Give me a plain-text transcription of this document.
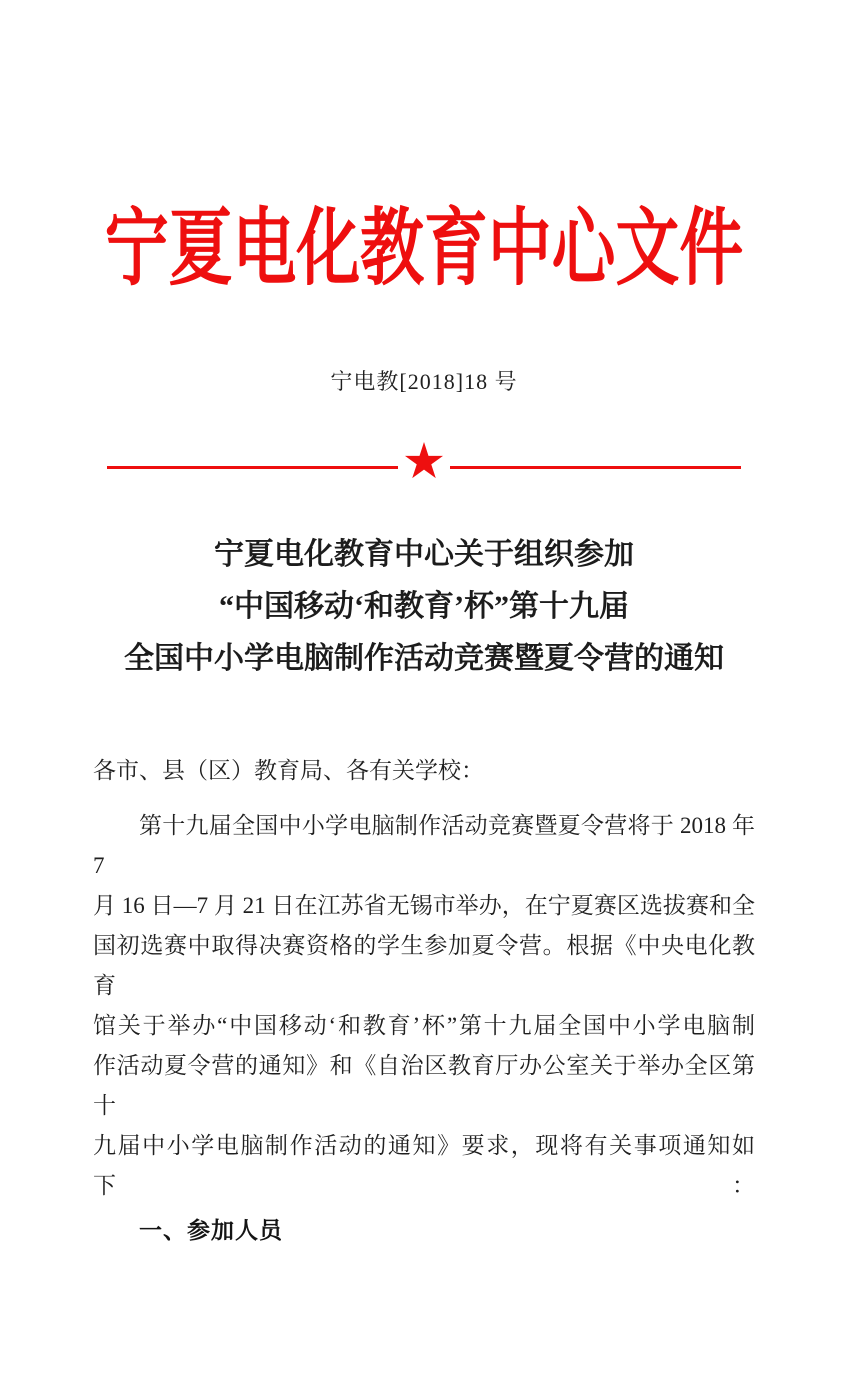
宁夏电化教育中心文件
宁电教[2018]18 号
宁夏电化教育中心关于组织参加
“中国移动‘和教育’杯”第十九届
全国中小学电脑制作活动竞赛暨夏令营的通知
各市、县（区）教育局、各有关学校：
第十九届全国中小学电脑制作活动竞赛暨夏令营将于 2018 年 7
月 16 日—7 月 21 日在江苏省无锡市举办，在宁夏赛区选拔赛和全
国初选赛中取得决赛资格的学生参加夏令营。根据《中央电化教育
馆关于举办“中国移动‘和教育’杯”第十九届全国中小学电脑制
作活动夏令营的通知》和《自治区教育厅办公室关于举办全区第十
九届中小学电脑制作活动的通知》要求，现将有关事项通知如下：
一、参加人员
